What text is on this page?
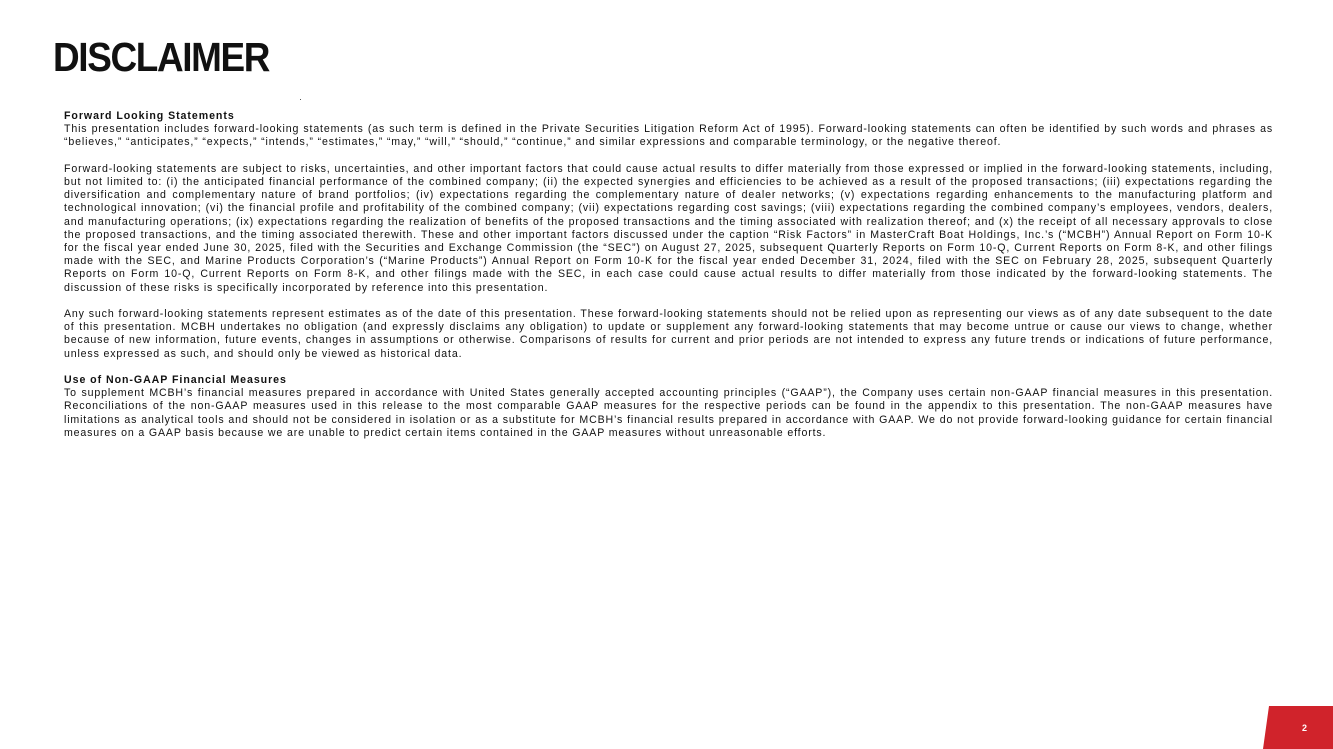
DISCLAIMER

Forward Looking Statements

This presentation includes forward-looking statements (as such term is defined in the Private Securities Litigation Reform Act of 1995). Forward-looking statements can often be identified by such words and phrases as “believes,” “anticipates,” “expects,” “intends,” “estimates,” “may,” “will,” “should,” “continue,” and similar expressions and comparable terminology, or the negative thereof.

Forward-looking statements are subject to risks, uncertainties, and other important factors that could cause actual results to differ materially from those expressed or implied in the forward-looking statements, including, but not limited to: (i) the anticipated financial performance of the combined company; (ii) the expected synergies and efficiencies to be achieved as a result of the proposed transactions; (iii) expectations regarding the diversification and complementary nature of brand portfolios; (iv) expectations regarding the complementary nature of dealer networks; (v) expectations regarding enhancements to the manufacturing platform and technological innovation; (vi) the financial profile and profitability of the combined company; (vii) expectations regarding cost savings; (viii) expectations regarding the combined company’s employees, vendors, dealers, and manufacturing operations; (ix) expectations regarding the realization of benefits of the proposed transactions and the timing associated with realization thereof; and (x) the receipt of all necessary approvals to close the proposed transactions, and the timing associated therewith. These and other important factors discussed under the caption “Risk Factors” in MasterCraft Boat Holdings, Inc.’s (“MCBH”) Annual Report on Form 10-K for the fiscal year ended June 30, 2025, filed with the Securities and Exchange Commission (the “SEC”) on August 27, 2025, subsequent Quarterly Reports on Form 10-Q, Current Reports on Form 8-K, and other filings made with the SEC, and Marine Products Corporation’s (“Marine Products”) Annual Report on Form 10-K for the fiscal year ended December 31, 2024, filed with the SEC on February 28, 2025, subsequent Quarterly Reports on Form 10-Q, Current Reports on Form 8-K, and other filings made with the SEC, in each case could cause actual results to differ materially from those indicated by the forward-looking statements. The discussion of these risks is specifically incorporated by reference into this presentation.

Any such forward-looking statements represent estimates as of the date of this presentation. These forward-looking statements should not be relied upon as representing our views as of any date subsequent to the date of this presentation. MCBH undertakes no obligation (and expressly disclaims any obligation) to update or supplement any forward-looking statements that may become untrue or cause our views to change, whether because of new information, future events, changes in assumptions or otherwise. Comparisons of results for current and prior periods are not intended to express any future trends or indications of future performance, unless expressed as such, and should only be viewed as historical data.

Use of Non-GAAP Financial Measures

To supplement MCBH’s financial measures prepared in accordance with United States generally accepted accounting principles (“GAAP”), the Company uses certain non-GAAP financial measures in this presentation. Reconciliations of the non-GAAP measures used in this release to the most comparable GAAP measures for the respective periods can be found in the appendix to this presentation. The non-GAAP measures have limitations as analytical tools and should not be considered in isolation or as a substitute for MCBH’s financial results prepared in accordance with GAAP. We do not provide forward-looking guidance for certain financial measures on a GAAP basis because we are unable to predict certain items contained in the GAAP measures without unreasonable efforts.

2
